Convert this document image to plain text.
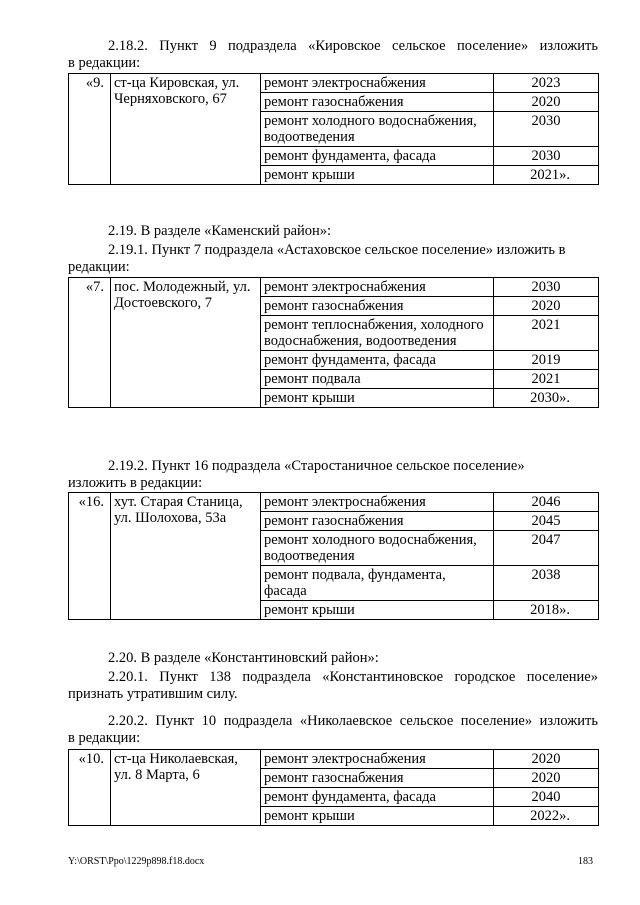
2.18.2. Пункт 9 подраздела «Кировское сельское поселение» изложить
в редакции:
«9.	ст-ца Кировская, ул. Черняховского, 67	ремонт электроснабжения	2023
		ремонт газоснабжения	2020
		ремонт холодного водоснабжения, водоотведения	2030
		ремонт фундамента, фасада	2030
		ремонт крыши	2021».
2.19. В разделе «Каменский район»:
2.19.1. Пункт 7 подраздела «Астаховское сельское поселение» изложить в
редакции:
«7.	пос. Молодежный, ул. Достоевского, 7	ремонт электроснабжения	2030
		ремонт газоснабжения	2020
		ремонт теплоснабжения, холодного водоснабжения, водоотведения	2021
		ремонт фундамента, фасада	2019
		ремонт подвала	2021
		ремонт крыши	2030».
2.19.2. Пункт 16 подраздела «Старостаничное сельское поселение»
изложить в редакции:
«16.	хут. Старая Станица, ул. Шолохова, 53а	ремонт электроснабжения	2046
		ремонт газоснабжения	2045
		ремонт холодного водоснабжения, водоотведения	2047
		ремонт подвала, фундамента, фасада	2038
		ремонт крыши	2018».
2.20. В разделе «Константиновский район»:
2.20.1. Пункт 138 подраздела «Константиновское городское поселение»
признать утратившим силу.
2.20.2. Пункт 10 подраздела «Николаевское сельское поселение» изложить
в редакции:
«10.	ст-ца Николаевская, ул. 8 Марта, 6	ремонт электроснабжения	2020
		ремонт газоснабжения	2020
		ремонт фундамента, фасада	2040
		ремонт крыши	2022».
Y:\ORST\Ppo\1229p898.f18.docx	183
